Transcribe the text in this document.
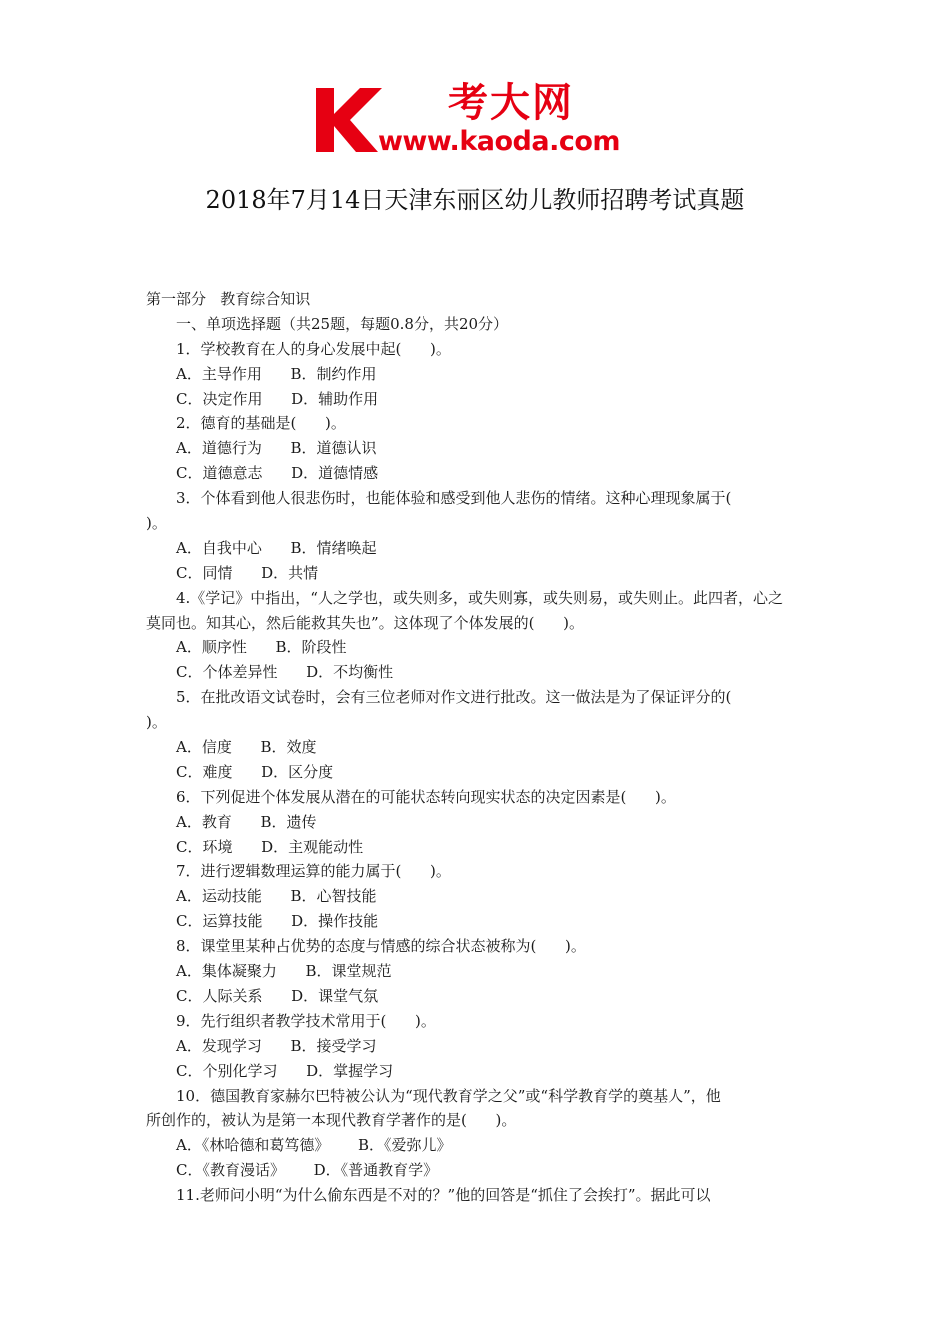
考大网
www.kaoda.com
2018年7月14日天津东丽区幼儿教师招聘考试真题
第一部分   教育综合知识
一、单项选择题（共25题，每题0.8分，共20分）
1．学校教育在人的身心发展中起(      )。
A．主导作用      B．制约作用
C．决定作用      D．辅助作用
2．德育的基础是(      )。
A．道德行为      B．道德认识
C．道德意志      D．道德情感
3．个体看到他人很悲伤时，也能体验和感受到他人悲伤的情绪。这种心理现象属于(
)。
A．自我中心      B．情绪唤起
C．同情      D．共情
4.《学记》中指出，“人之学也，或失则多，或失则寡，或失则易，或失则止。此四者，心之
莫同也。知其心，然后能救其失也”。这体现了个体发展的(      )。
A．顺序性      B．阶段性
C．个体差异性      D．不均衡性
5．在批改语文试卷时，会有三位老师对作文进行批改。这一做法是为了保证评分的(
)。
A．信度      B．效度
C．难度      D．区分度
6．下列促进个体发展从潜在的可能状态转向现实状态的决定因素是(      )。
A．教育      B．遗传
C．环境      D．主观能动性
7．进行逻辑数理运算的能力属于(      )。
A．运动技能      B．心智技能
C．运算技能      D．操作技能
8．课堂里某种占优势的态度与情感的综合状态被称为(      )。
A．集体凝聚力      B．课堂规范
C．人际关系      D．课堂气氛
9．先行组织者教学技术常用于(      )。
A．发现学习      B．接受学习
C．个别化学习      D．掌握学习
10．德国教育家赫尔巴特被公认为“现代教育学之父”或“科学教育学的奠基人”，他
所创作的，被认为是第一本现代教育学著作的是(      )。
A．《林哈德和葛笃德》      B．《爱弥儿》
C．《教育漫话》      D．《普通教育学》
11.老师问小明“为什么偷东西是不对的？”他的回答是“抓住了会挨打”。据此可以
